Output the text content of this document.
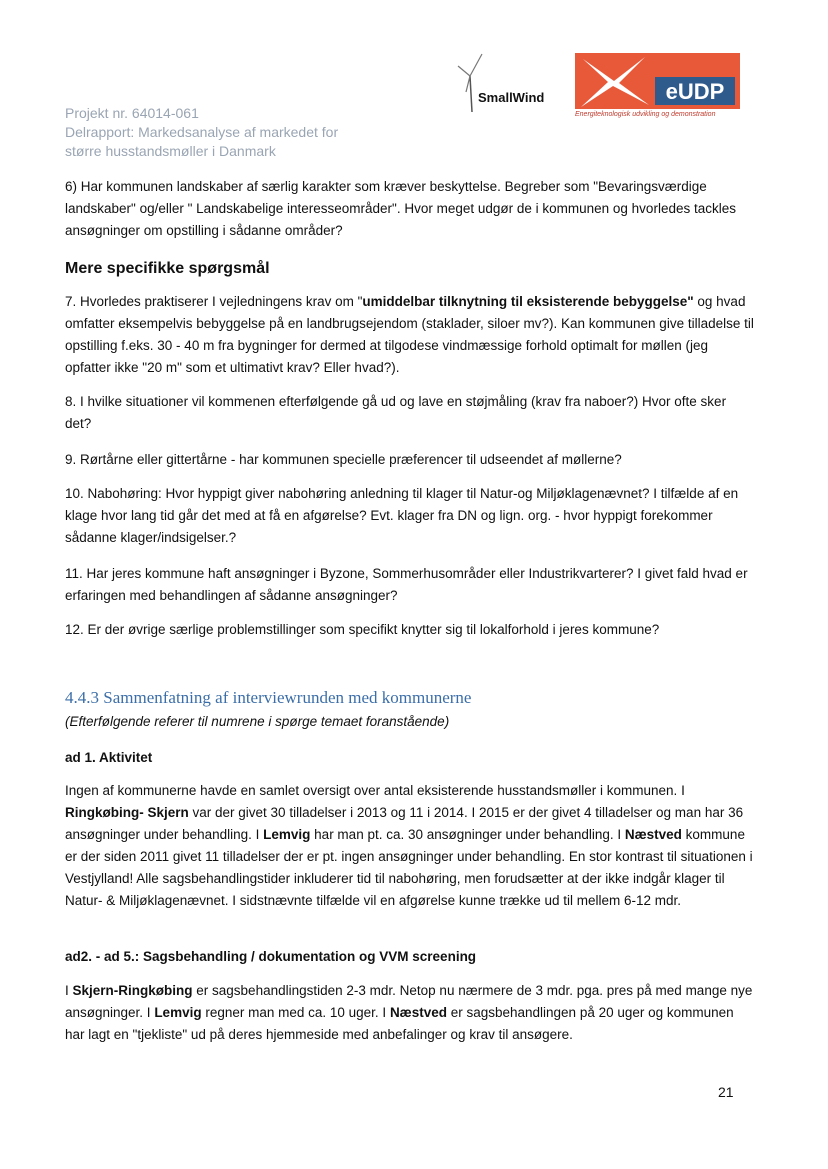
Projekt nr. 64014-061
Delrapport: Markedsanalyse af markedet for
større husstandsmøller i Danmark
SmallWind	eUDP
Energiteknologisk udvikling og demonstration

6) Har kommunen landskaber af særlig karakter som kræver beskyttelse. Begreber som "Bevaringsværdige landskaber" og/eller " Landskabelige interesseområder". Hvor meget udgør de i kommunen og hvorledes tackles ansøgninger om opstilling i sådanne områder?

Mere specifikke spørgsmål

7. Hvorledes praktiserer I vejledningens krav om "umiddelbar tilknytning til eksisterende bebyggelse" og hvad omfatter eksempelvis bebyggelse på en landbrugsejendom (staklader, siloer mv?). Kan kommunen give tilladelse til opstilling f.eks. 30 - 40 m fra bygninger for dermed at tilgodese vindmæssige forhold optimalt for møllen (jeg opfatter ikke "20 m" som et ultimativt krav? Eller hvad?).

8. I hvilke situationer vil kommenen efterfølgende gå ud og lave en støjmåling (krav fra naboer?) Hvor ofte sker det?

9. Rørtårne eller gittertårne - har kommunen specielle præferencer til udseendet af møllerne?

10. Nabohøring: Hvor hyppigt giver nabohøring anledning til klager til Natur-og Miljøklagenævnet? I tilfælde af en klage hvor lang tid går det med at få en afgørelse? Evt. klager fra DN og lign. org. - hvor hyppigt forekommer sådanne klager/indsigelser.?

11. Har jeres kommune haft ansøgninger i Byzone, Sommerhusområder eller Industrikvarterer? I givet fald hvad er erfaringen med behandlingen af sådanne ansøgninger?

12. Er der øvrige særlige problemstillinger som specifikt knytter sig til lokalforhold i jeres kommune?

4.4.3 Sammenfatning af interviewrunden med kommunerne
(Efterfølgende referer til numrene i spørge temaet foranstående)
ad 1. Aktivitet

Ingen af kommunerne havde en samlet oversigt over antal eksisterende husstandsmøller i kommunen. I Ringkøbing- Skjern var der givet 30 tilladelser i 2013 og 11 i 2014. I 2015 er der givet 4 tilladelser og man har 36 ansøgninger under behandling. I Lemvig har man pt. ca. 30 ansøgninger under behandling. I Næstved kommune er der siden 2011 givet 11 tilladelser der er pt. ingen ansøgninger under behandling. En stor kontrast til situationen i Vestjylland! Alle sagsbehandlingstider inkluderer tid til nabohøring, men forudsætter at der ikke indgår klager til Natur- & Miljøklagenævnet. I sidstnævnte tilfælde vil en afgørelse kunne trække ud til mellem 6-12 mdr.

ad2. - ad 5.: Sagsbehandling / dokumentation og VVM screening

I Skjern-Ringkøbing er sagsbehandlingstiden 2-3 mdr. Netop nu nærmere de 3 mdr. pga. pres på med mange nye ansøgninger. I Lemvig regner man med ca. 10 uger. I Næstved er sagsbehandlingen på 20 uger og kommunen har lagt en "tjekliste" ud på deres hjemmeside med anbefalinger og krav til ansøgere.

21
